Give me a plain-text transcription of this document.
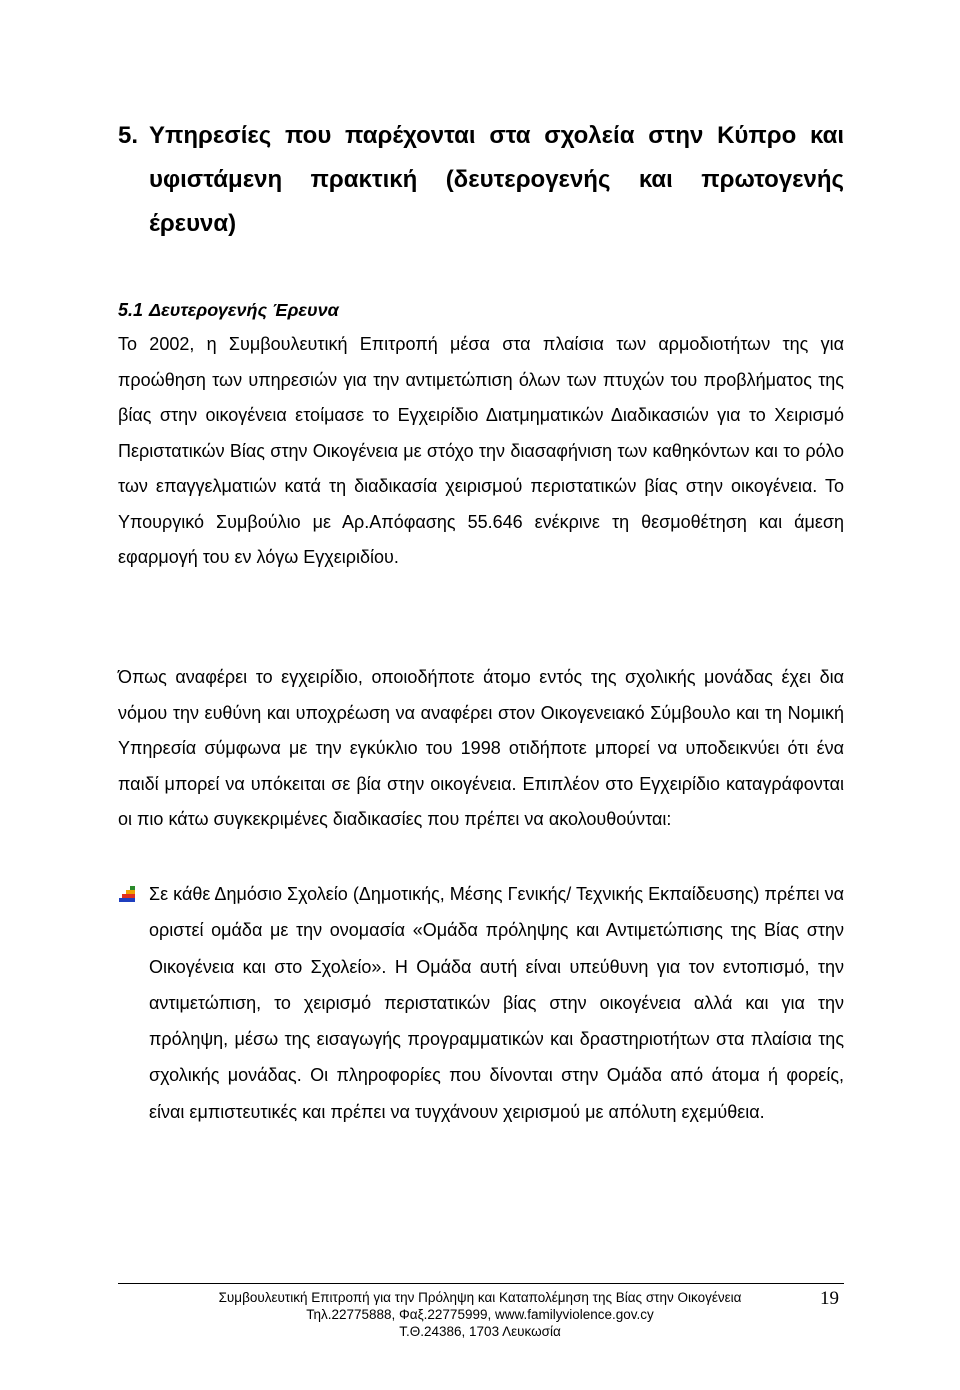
5. Υπηρεσίες που παρέχονται στα σχολεία στην Κύπρο και υφιστάμενη πρακτική (δευτερογενής και πρωτογενής έρευνα)
5.1 Δευτερογενής Έρευνα
Το 2002, η Συμβουλευτική Επιτροπή μέσα στα πλαίσια των αρμοδιοτήτων της για προώθηση των υπηρεσιών για την αντιμετώπιση όλων των πτυχών του προβλήματος της βίας στην οικογένεια ετοίμασε το Εγχειρίδιο Διατμηματικών Διαδικασιών για το Χειρισμό Περιστατικών Βίας στην Οικογένεια με στόχο την διασαφήνιση των καθηκόντων και το ρόλο των επαγγελματιών κατά τη διαδικασία χειρισμού περιστατικών βίας στην οικογένεια. Το Υπουργικό Συμβούλιο με Αρ.Απόφασης 55.646 ενέκρινε τη θεσμοθέτηση και άμεση εφαρμογή του εν λόγω Εγχειριδίου.
Όπως αναφέρει το εγχειρίδιο, οποιοδήποτε άτομο εντός της σχολικής μονάδας έχει δια νόμου την ευθύνη και υποχρέωση να αναφέρει στον Οικογενειακό Σύμβουλο και τη Νομική Υπηρεσία σύμφωνα με την εγκύκλιο του 1998 οτιδήποτε μπορεί να υποδεικνύει ότι ένα παιδί μπορεί να υπόκειται σε βία στην οικογένεια. Επιπλέον στο Εγχειρίδιο καταγράφονται οι πιο κάτω συγκεκριμένες διαδικασίες που πρέπει να ακολουθούνται:
Σε κάθε Δημόσιο Σχολείο (Δημοτικής, Μέσης Γενικής/ Τεχνικής Εκπαίδευσης) πρέπει να οριστεί ομάδα με την ονομασία «Ομάδα πρόληψης και Αντιμετώπισης της Βίας στην Οικογένεια και στο Σχολείο». Η Ομάδα αυτή είναι υπεύθυνη για τον εντοπισμό, την αντιμετώπιση, το χειρισμό περιστατικών βίας στην οικογένεια αλλά και για την πρόληψη, μέσω της εισαγωγής προγραμματικών και δραστηριοτήτων στα πλαίσια της σχολικής μονάδας. Οι πληροφορίες που δίνονται στην Ομάδα από άτομα ή φορείς, είναι εμπιστευτικές και πρέπει να τυγχάνουν χειρισμού με απόλυτη εχεμύθεια.
Συμβουλευτική Επιτροπή για την Πρόληψη και Καταπολέμηση της Βίας στην Οικογένεια
Τηλ.22775888, Φαξ.22775999, www.familyviolence.gov.cy
Τ.Θ.24386, 1703 Λευκωσία
19
